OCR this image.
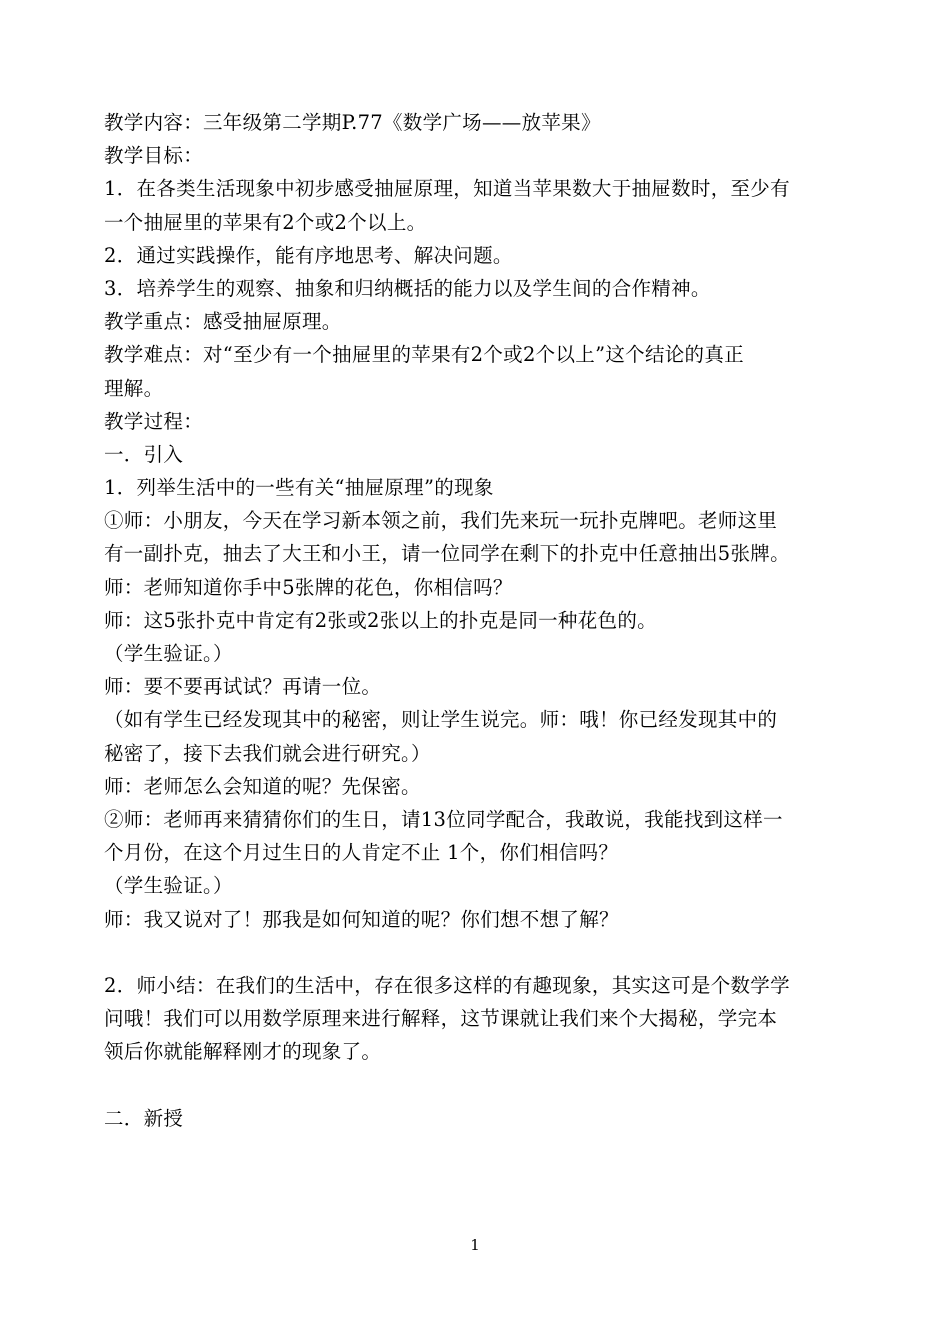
教学内容：三年级第二学期P.77《数学广场——放苹果》
教学目标：
1．在各类生活现象中初步感受抽屉原理，知道当苹果数大于抽屉数时，至少有
一个抽屉里的苹果有2个或2个以上。
2．通过实践操作，能有序地思考、解决问题。
3．培养学生的观察、抽象和归纳概括的能力以及学生间的合作精神。
教学重点：感受抽屉原理。
教学难点：对“至少有一个抽屉里的苹果有2个或2个以上”这个结论的真正
理解。
教学过程：
一．引入
1．列举生活中的一些有关“抽屉原理”的现象
①师：小朋友，今天在学习新本领之前，我们先来玩一玩扑克牌吧。老师这里
有一副扑克，抽去了大王和小王，请一位同学在剩下的扑克中任意抽出5张牌。
师：老师知道你手中5张牌的花色，你相信吗？
师：这5张扑克中肯定有2张或2张以上的扑克是同一种花色的。
（学生验证。）
师：要不要再试试？再请一位。
（如有学生已经发现其中的秘密，则让学生说完。师：哦！你已经发现其中的
秘密了，接下去我们就会进行研究。）
师：老师怎么会知道的呢？先保密。
②师：老师再来猜猜你们的生日，请13位同学配合，我敢说，我能找到这样一
个月份，在这个月过生日的人肯定不止 1个，你们相信吗？
（学生验证。）
师：我又说对了！那我是如何知道的呢？你们想不想了解？
2．师小结：在我们的生活中，存在很多这样的有趣现象，其实这可是个数学学
问哦！我们可以用数学原理来进行解释，这节课就让我们来个大揭秘，学完本
领后你就能解释刚才的现象了。
二．新授
1
